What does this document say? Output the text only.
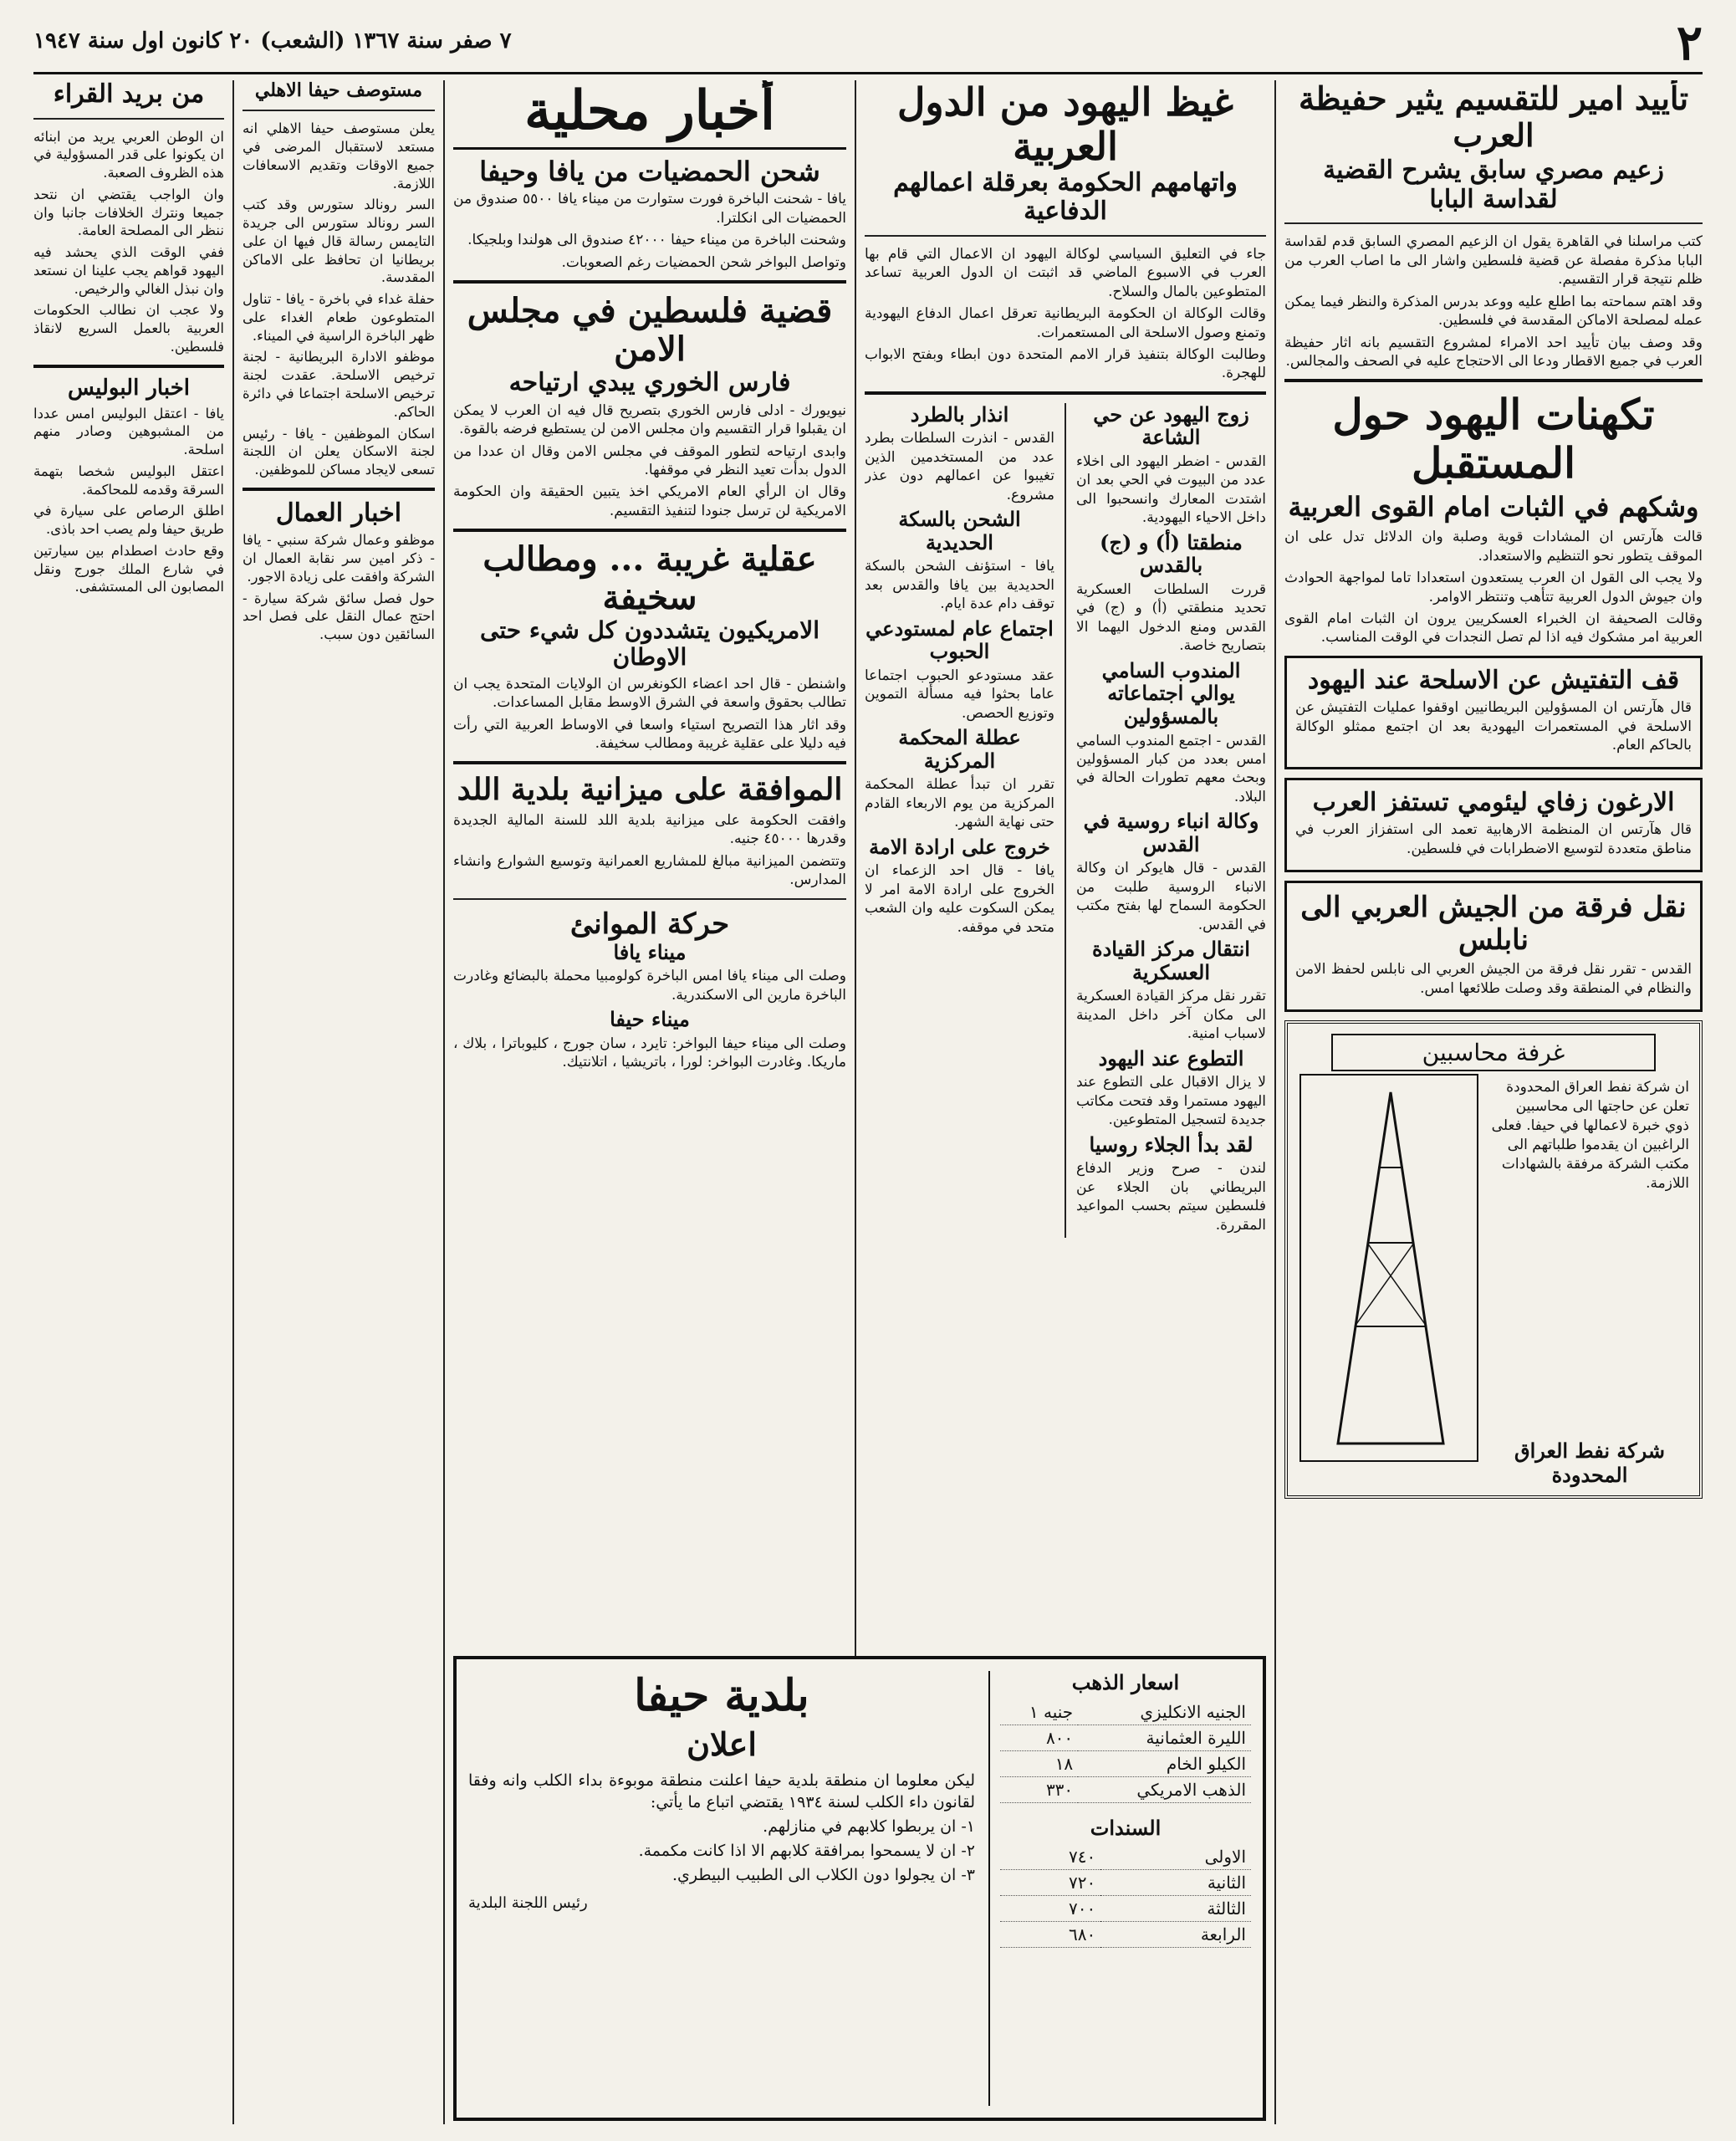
٢
٧ صفر سنة ١٣٦٧ (الشعب) ٢٠ كانون اول سنة ١٩٤٧
تأييد امير للتقسيم يثير حفيظة العرب
زعيم مصري سابق يشرح القضية لقداسة البابا

كتب مراسلنا في القاهرة يقول ان الزعيم المصري السابق قدم لقداسة البابا مذكرة مفصلة عن قضية فلسطين واشار الى ما اصاب العرب من ظلم نتيجة قرار التقسيم.

وقد اهتم سماحته بما اطلع عليه ووعد بدرس المذكرة والنظر فيما يمكن عمله لمصلحة الاماكن المقدسة في فلسطين.

وقد وصف بيان تأييد احد الامراء لمشروع التقسيم بانه اثار حفيظة العرب في جميع الاقطار ودعا الى الاحتجاج عليه في الصحف والمجالس.

تكهنات اليهود حول المستقبل
وشكهم في الثبات امام القوى العربية

قالت هآرتس ان المشادات قوية وصلبة وان الدلائل تدل على ان الموقف يتطور نحو التنظيم والاستعداد.

ولا يجب الى القول ان العرب يستعدون استعدادا تاما لمواجهة الحوادث وان جيوش الدول العربية تتأهب وتنتظر الاوامر.

وقالت الصحيفة ان الخبراء العسكريين يرون ان الثبات امام القوى العربية امر مشكوك فيه اذا لم تصل النجدات في الوقت المناسب.

قف التفتيش عن الاسلحة عند اليهود

قال هآرتس ان المسؤولين البريطانيين اوقفوا عمليات التفتيش عن الاسلحة في المستعمرات اليهودية بعد ان اجتمع ممثلو الوكالة بالحاكم العام.

الارغون زفاي ليئومي تستفز العرب

قال هآرتس ان المنظمة الارهابية تعمد الى استفزاز العرب في مناطق متعددة لتوسيع الاضطرابات في فلسطين.

نقل فرقة من الجيش العربي الى نابلس

القدس - تقرر نقل فرقة من الجيش العربي الى نابلس لحفظ الامن والنظام في المنطقة وقد وصلت طلائعها امس.

غرفة محاسبين
ان شركة نفط العراق المحدودة تعلن عن حاجتها الى محاسبين ذوي خبرة لاعمالها في حيفا. فعلى الراغبين ان يقدموا طلباتهم الى مكتب الشركة مرفقة بالشهادات اللازمة.
شركة نفط العراق المحدودة
غيظ اليهود من الدول العربية
واتهامهم الحكومة بعرقلة اعمالهم الدفاعية

جاء في التعليق السياسي لوكالة اليهود ان الاعمال التي قام بها العرب في الاسبوع الماضي قد اثبتت ان الدول العربية تساعد المتطوعين بالمال والسلاح.

وقالت الوكالة ان الحكومة البريطانية تعرقل اعمال الدفاع اليهودية وتمنع وصول الاسلحة الى المستعمرات.

وطالبت الوكالة بتنفيذ قرار الامم المتحدة دون ابطاء وبفتح الابواب للهجرة.

زوج اليهود عن حي الشاعة

القدس - اضطر اليهود الى اخلاء عدد من البيوت في الحي بعد ان اشتدت المعارك وانسحبوا الى داخل الاحياء اليهودية.

منطقتا (أ) و (ج) بالقدس

قررت السلطات العسكرية تحديد منطقتي (أ) و (ج) في القدس ومنع الدخول اليهما الا بتصاريح خاصة.

المندوب السامي يوالي اجتماعاته بالمسؤولين

القدس - اجتمع المندوب السامي امس بعدد من كبار المسؤولين وبحث معهم تطورات الحالة في البلاد.

وكالة انباء روسية في القدس

القدس - قال هايوكر ان وكالة الانباء الروسية طلبت من الحكومة السماح لها بفتح مكتب في القدس.

انتقال مركز القيادة العسكرية

تقرر نقل مركز القيادة العسكرية الى مكان آخر داخل المدينة لاسباب امنية.

التطوع عند اليهود

لا يزال الاقبال على التطوع عند اليهود مستمرا وقد فتحت مكاتب جديدة لتسجيل المتطوعين.

لقد بدأ الجلاء روسيا

لندن - صرح وزير الدفاع البريطاني بان الجلاء عن فلسطين سيتم بحسب المواعيد المقررة.

انذار بالطرد

القدس - انذرت السلطات بطرد عدد من المستخدمين الذين تغيبوا عن اعمالهم دون عذر مشروع.

الشحن بالسكة الحديدية

يافا - استؤنف الشحن بالسكة الحديدية بين يافا والقدس بعد توقف دام عدة ايام.

اجتماع عام لمستودعي الحبوب

عقد مستودعو الحبوب اجتماعا عاما بحثوا فيه مسألة التموين وتوزيع الحصص.

عطلة المحكمة المركزية

تقرر ان تبدأ عطلة المحكمة المركزية من يوم الاربعاء القادم حتى نهاية الشهر.

خروج على ارادة الامة

يافا - قال احد الزعماء ان الخروج على ارادة الامة امر لا يمكن السكوت عليه وان الشعب متحد في موقفه.

أخبار محلية
شحن الحمضيات من يافا وحيفا

يافا - شحنت الباخرة فورت ستوارت من ميناء يافا ٥٥٠٠ صندوق من الحمضيات الى انكلترا.

وشحنت الباخرة من ميناء حيفا ٤٢٠٠٠ صندوق الى هولندا وبلجيكا.

وتواصل البواخر شحن الحمضيات رغم الصعوبات.

قضية فلسطين في مجلس الامن
فارس الخوري يبدي ارتياحه

نيويورك - ادلى فارس الخوري بتصريح قال فيه ان العرب لا يمكن ان يقبلوا قرار التقسيم وان مجلس الامن لن يستطيع فرضه بالقوة.

وابدى ارتياحه لتطور الموقف في مجلس الامن وقال ان عددا من الدول بدأت تعيد النظر في موقفها.

وقال ان الرأي العام الامريكي اخذ يتبين الحقيقة وان الحكومة الامريكية لن ترسل جنودا لتنفيذ التقسيم.

عقلية غريبة ... ومطالب سخيفة
الامريكيون يتشددون كل شيء حتى الاوطان

واشنطن - قال احد اعضاء الكونغرس ان الولايات المتحدة يجب ان تطالب بحقوق واسعة في الشرق الاوسط مقابل المساعدات.

وقد اثار هذا التصريح استياء واسعا في الاوساط العربية التي رأت فيه دليلا على عقلية غريبة ومطالب سخيفة.

الموافقة على ميزانية بلدية اللد

وافقت الحكومة على ميزانية بلدية اللد للسنة المالية الجديدة وقدرها ٤٥٠٠٠ جنيه.

وتتضمن الميزانية مبالغ للمشاريع العمرانية وتوسيع الشوارع وانشاء المدارس.

حركة الموانئ
ميناء يافا

وصلت الى ميناء يافا امس الباخرة كولومبيا محملة بالبضائع وغادرت الباخرة مارين الى الاسكندرية.

ميناء حيفا

وصلت الى ميناء حيفا البواخر: تايرد ، سان جورج ، كليوباترا ، بلاك ، ماريكا. وغادرت البواخر: لورا ، باتريشيا ، اتلانتيك.

اسعار الذهب
الجنيه الانكليزي	جنيه ١
الليرة العثمانية	٨٠٠
الكيلو الخام	١٨
الذهب الامريكي	٣٣٠
السندات
الاولى	٧٤٠
الثانية	٧٢٠
الثالثة	٧٠٠
الرابعة	٦٨٠
بلدية حيفا
اعلان

ليكن معلوما ان منطقة بلدية حيفا اعلنت منطقة موبوءة بداء الكلب وانه وفقا لقانون داء الكلب لسنة ١٩٣٤ يقتضي اتباع ما يأتي:

١- ان يربطوا كلابهم في منازلهم.

٢- ان لا يسمحوا بمرافقة كلابهم الا اذا كانت مكممة.

٣- ان يجولوا دون الكلاب الى الطبيب البيطري.

رئيس اللجنة البلدية
مستوصف حيفا الاهلي

يعلن مستوصف حيفا الاهلي انه مستعد لاستقبال المرضى في جميع الاوقات وتقديم الاسعافات اللازمة.

السر رونالد ستورس وقد كتب السر رونالد ستورس الى جريدة التايمس رسالة قال فيها ان على بريطانيا ان تحافظ على الاماكن المقدسة.

حفلة غداء في باخرة - يافا - تناول المتطوعون طعام الغداء على ظهر الباخرة الراسية في الميناء.

موظفو الادارة البريطانية - لجنة ترخيص الاسلحة. عقدت لجنة ترخيص الاسلحة اجتماعا في دائرة الحاكم.

اسكان الموظفين - يافا - رئيس لجنة الاسكان يعلن ان اللجنة تسعى لايجاد مساكن للموظفين.

اخبار العمال

موظفو وعمال شركة سنبي - يافا - ذكر امين سر نقابة العمال ان الشركة وافقت على زيادة الاجور.

حول فصل سائق شركة سيارة - احتج عمال النقل على فصل احد السائقين دون سبب.

من بريد القراء

ان الوطن العربي يريد من ابنائه ان يكونوا على قدر المسؤولية في هذه الظروف الصعبة.

وان الواجب يقتضي ان نتحد جميعا ونترك الخلافات جانبا وان ننظر الى المصلحة العامة.

ففي الوقت الذي يحشد فيه اليهود قواهم يجب علينا ان نستعد وان نبذل الغالي والرخيص.

ولا عجب ان نطالب الحكومات العربية بالعمل السريع لانقاذ فلسطين.

اخبار البوليس

يافا - اعتقل البوليس امس عددا من المشبوهين وصادر منهم اسلحة.

اعتقل البوليس شخصا بتهمة السرقة وقدمه للمحاكمة.

اطلق الرصاص على سيارة في طريق حيفا ولم يصب احد باذى.

وقع حادث اصطدام بين سيارتين في شارع الملك جورج ونقل المصابون الى المستشفى.
